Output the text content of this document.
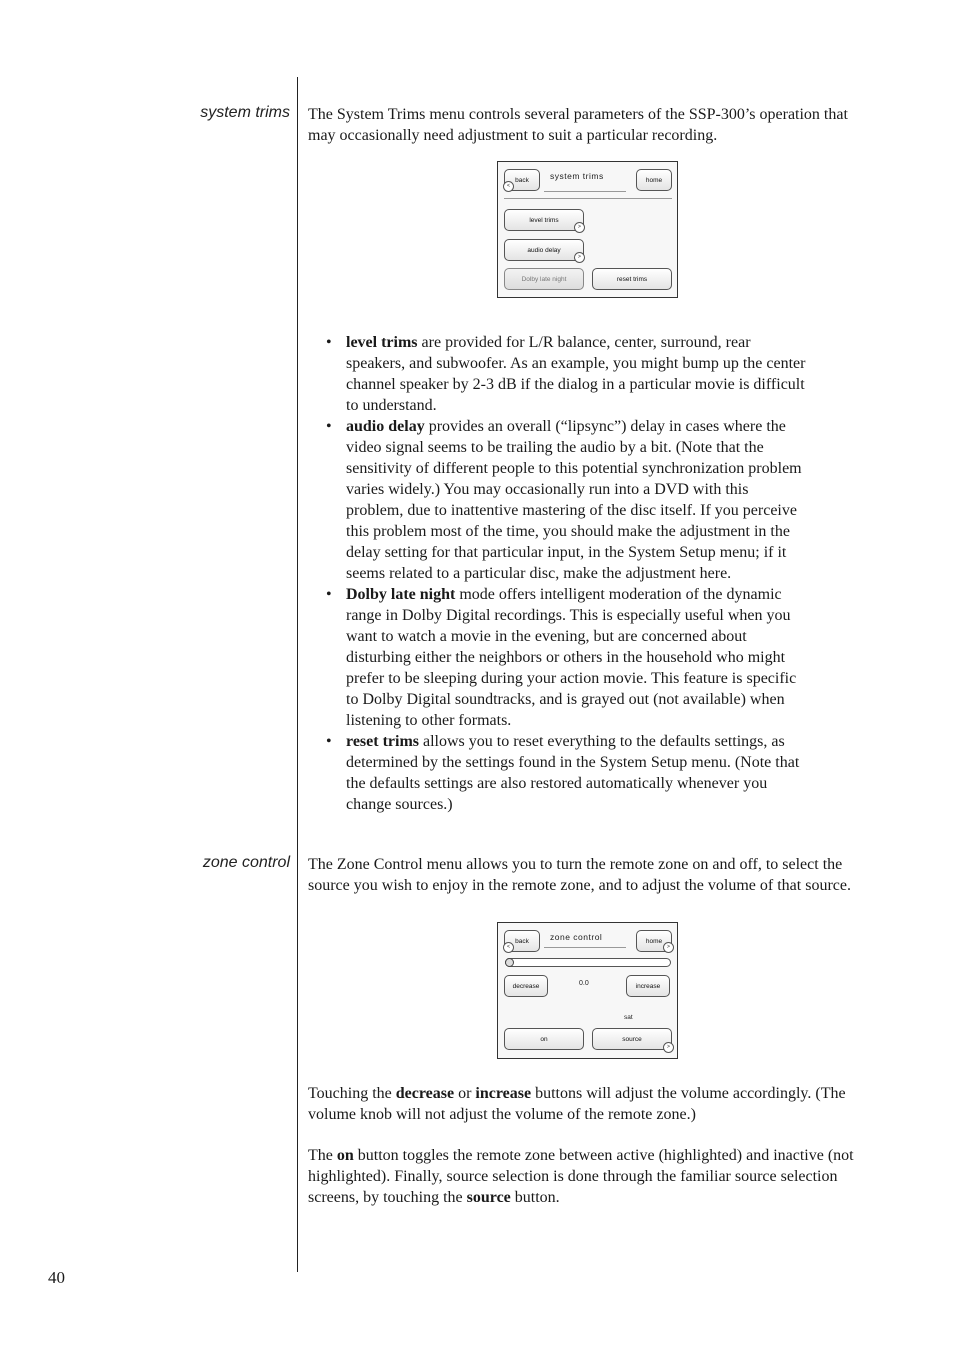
system trims The System Trims menu controls several parameters of the SSP-300’s operation that may occasionally need adjustment to suit a particular recording.

back
<
system trims	home
level trims
>
audio delay
>
Dolby late night	reset trims
• level trims are provided for L/R balance, center, surround, rear speakers, and subwoofer. As an example, you might bump up the center channel speaker by 2-3 dB if the dialog in a particular movie is difficult to understand.
• audio delay provides an overall (“lipsync”) delay in cases where the video signal seems to be trailing the audio by a bit. (Note that the sensitivity of different people to this potential synchronization problem varies widely.) You may occasionally run into a DVD with this problem, due to inattentive mastering of the disc itself. If you perceive this problem most of the time, you should make the adjustment in the delay setting for that particular input, in the System Setup menu; if it seems related to a particular disc, make the adjustment here.
• Dolby late night mode offers intelligent moderation of the dynamic range in Dolby Digital recordings. This is especially useful when you want to watch a movie in the evening, but are concerned about disturbing either the neighbors or others in the household who might prefer to be sleeping during your action movie. This feature is specific to Dolby Digital soundtracks, and is grayed out (not available) when listening to other formats.
• reset trims allows you to reset everything to the defaults settings, as determined by the settings found in the System Setup menu. (Note that the defaults settings are also restored automatically whenever you change sources.)
zone control The Zone Control menu allows you to turn the remote zone on and off, to select the source you wish to enjoy in the remote zone, and to adjust the volume of that source.

back
<
zone control	home
>
decrease	0.0	increase
sat
on	source
>

Touching the decrease or increase buttons will adjust the volume accordingly. (The volume knob will not adjust the volume of the remote zone.)

The on button toggles the remote zone between active (highlighted) and inactive (not highlighted). Finally, source selection is done through the familiar source selection screens, by touching the source button.

40
